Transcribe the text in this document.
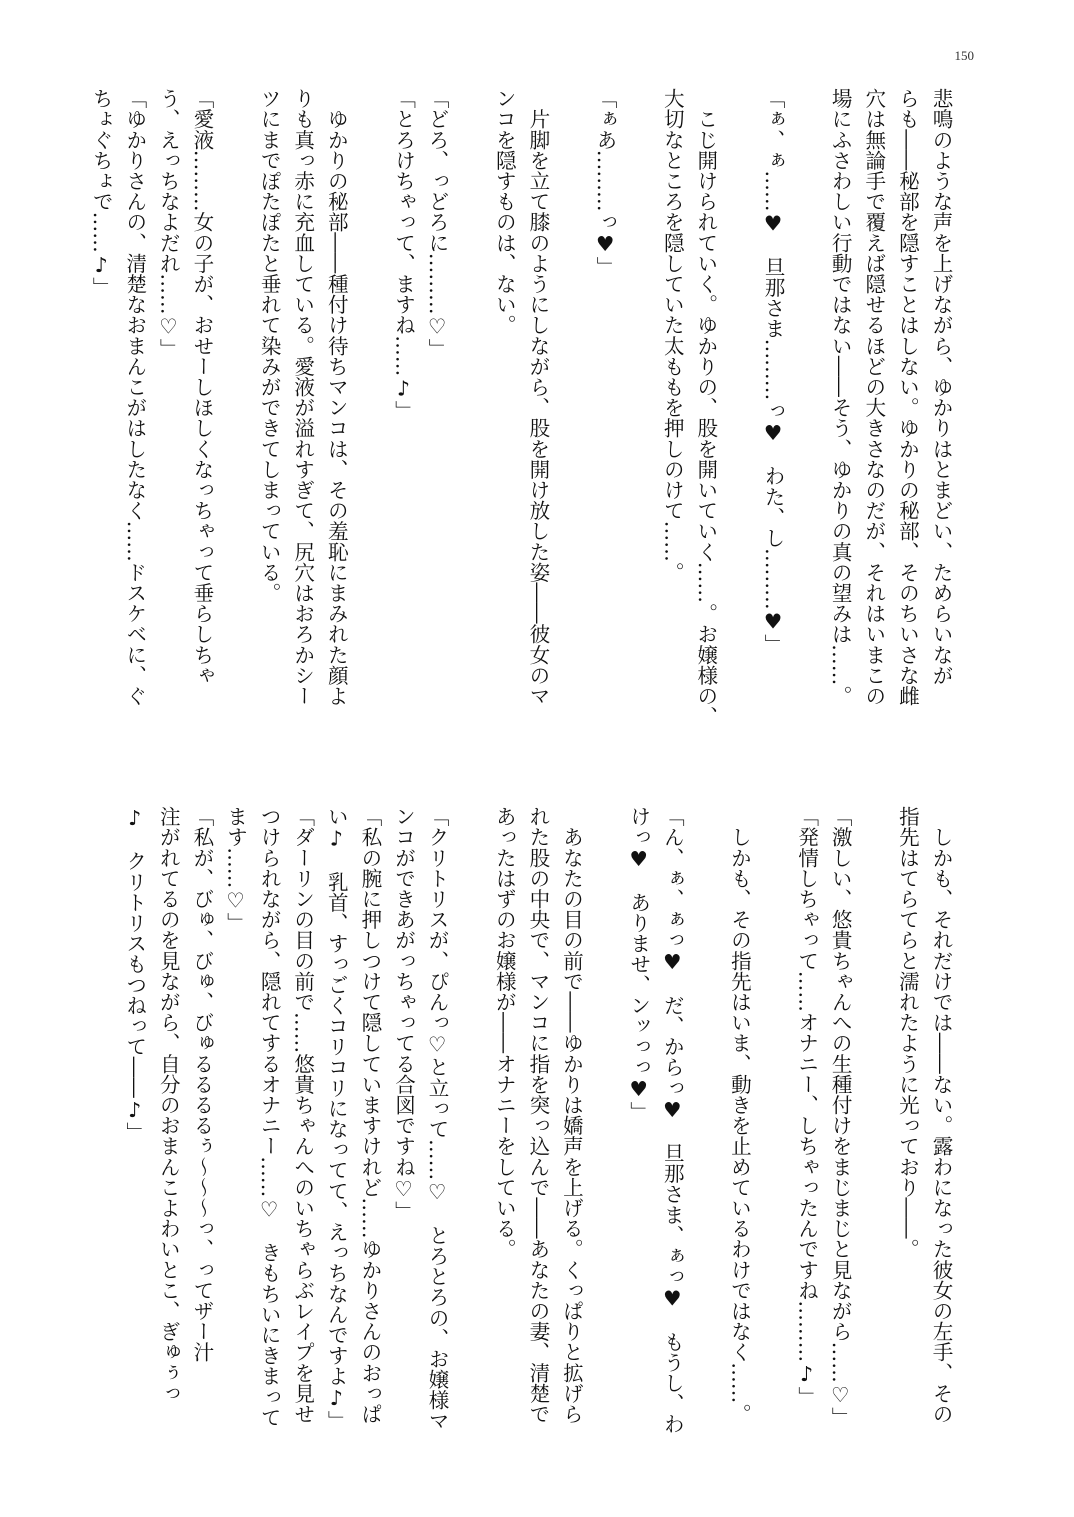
150
悲鳴のような声を上げながら、ゆかりはとまどい、ためらいなが
らも――秘部を隠すことはしない。ゆかりの秘部、そのちいさな雌
穴は無論手で覆えば隠せるほどの大きさなのだが、それはいまこの
場にふさわしい行動ではない――そう、ゆかりの真の望みは……。
「ぁ、ぁ……♥　旦那さま………っ♥　わた、し………♥」
　こじ開けられていく。ゆかりの、股を開いていく……。お嬢様の、
大切なところを隠していた太ももを押しのけて……。
「ぁあ………っ♥」
　片脚を立て膝のようにしながら、股を開け放した姿――彼女のマ
ンコを隠すものは、ない。
「どろ、っどろに………♡」
「とろけちゃって、ますね……♪」
　ゆかりの秘部――種付け待ちマンコは、その羞恥にまみれた顔よ
りも真っ赤に充血している。愛液が溢れすぎて、尻穴はおろかシー
ツにまでぽたぽたと垂れて染みができてしまっている。
「愛液………女の子が、おせーしほしくなっちゃって垂らしちゃ
う、えっちなよだれ……♡」
「ゆかりさんの、清楚なおまんこがはしたなく……ドスケベに、ぐ
ちょぐちょで……♪」
　しかも、それだけでは――ない。露わになった彼女の左手、その
指先はてらてらと濡れたように光っており――。
「激しい、悠貴ちゃんへの生種付けをまじまじと見ながら……♡」
「発情しちゃって……オナニー、しちゃったんですね………♪」
　しかも、その指先はいま、動きを止めているわけではなく……。
「ん、ぁ、ぁっ♥　だ、からっ♥　旦那さま、ぁっ♥　もうし、わ
けっ♥　ありませ、ンッっっ♥」
　あなたの目の前で――ゆかりは嬌声を上げる。くっぱりと拡げら
れた股の中央で、マンコに指を突っ込んで――あなたの妻、清楚で
あったはずのお嬢様が――オナニーをしている。
「クリトリスが、ぴんっ♡と立って……♡　とろとろの、お嬢様マ
ンコができあがっちゃってる合図ですね♡」
「私の腕に押しつけて隠していますけれど……ゆかりさんのおっぱ
い♪　乳首、すっごくコリコリになってて、えっちなんですよ♪」
「ダーリンの目の前で……悠貴ちゃんへのいちゃらぶレイプを見せ
つけられながら、隠れてするオナニー……♡　きもちいにきまって
ます……♡」
「私が、びゅ、びゅ、びゅるるるるぅ～～～っ、ってザー汁
注がれてるのを見ながら、自分のおまんこよわいとこ、ぎゅぅっ
♪　クリトリスもつねって――♪」
